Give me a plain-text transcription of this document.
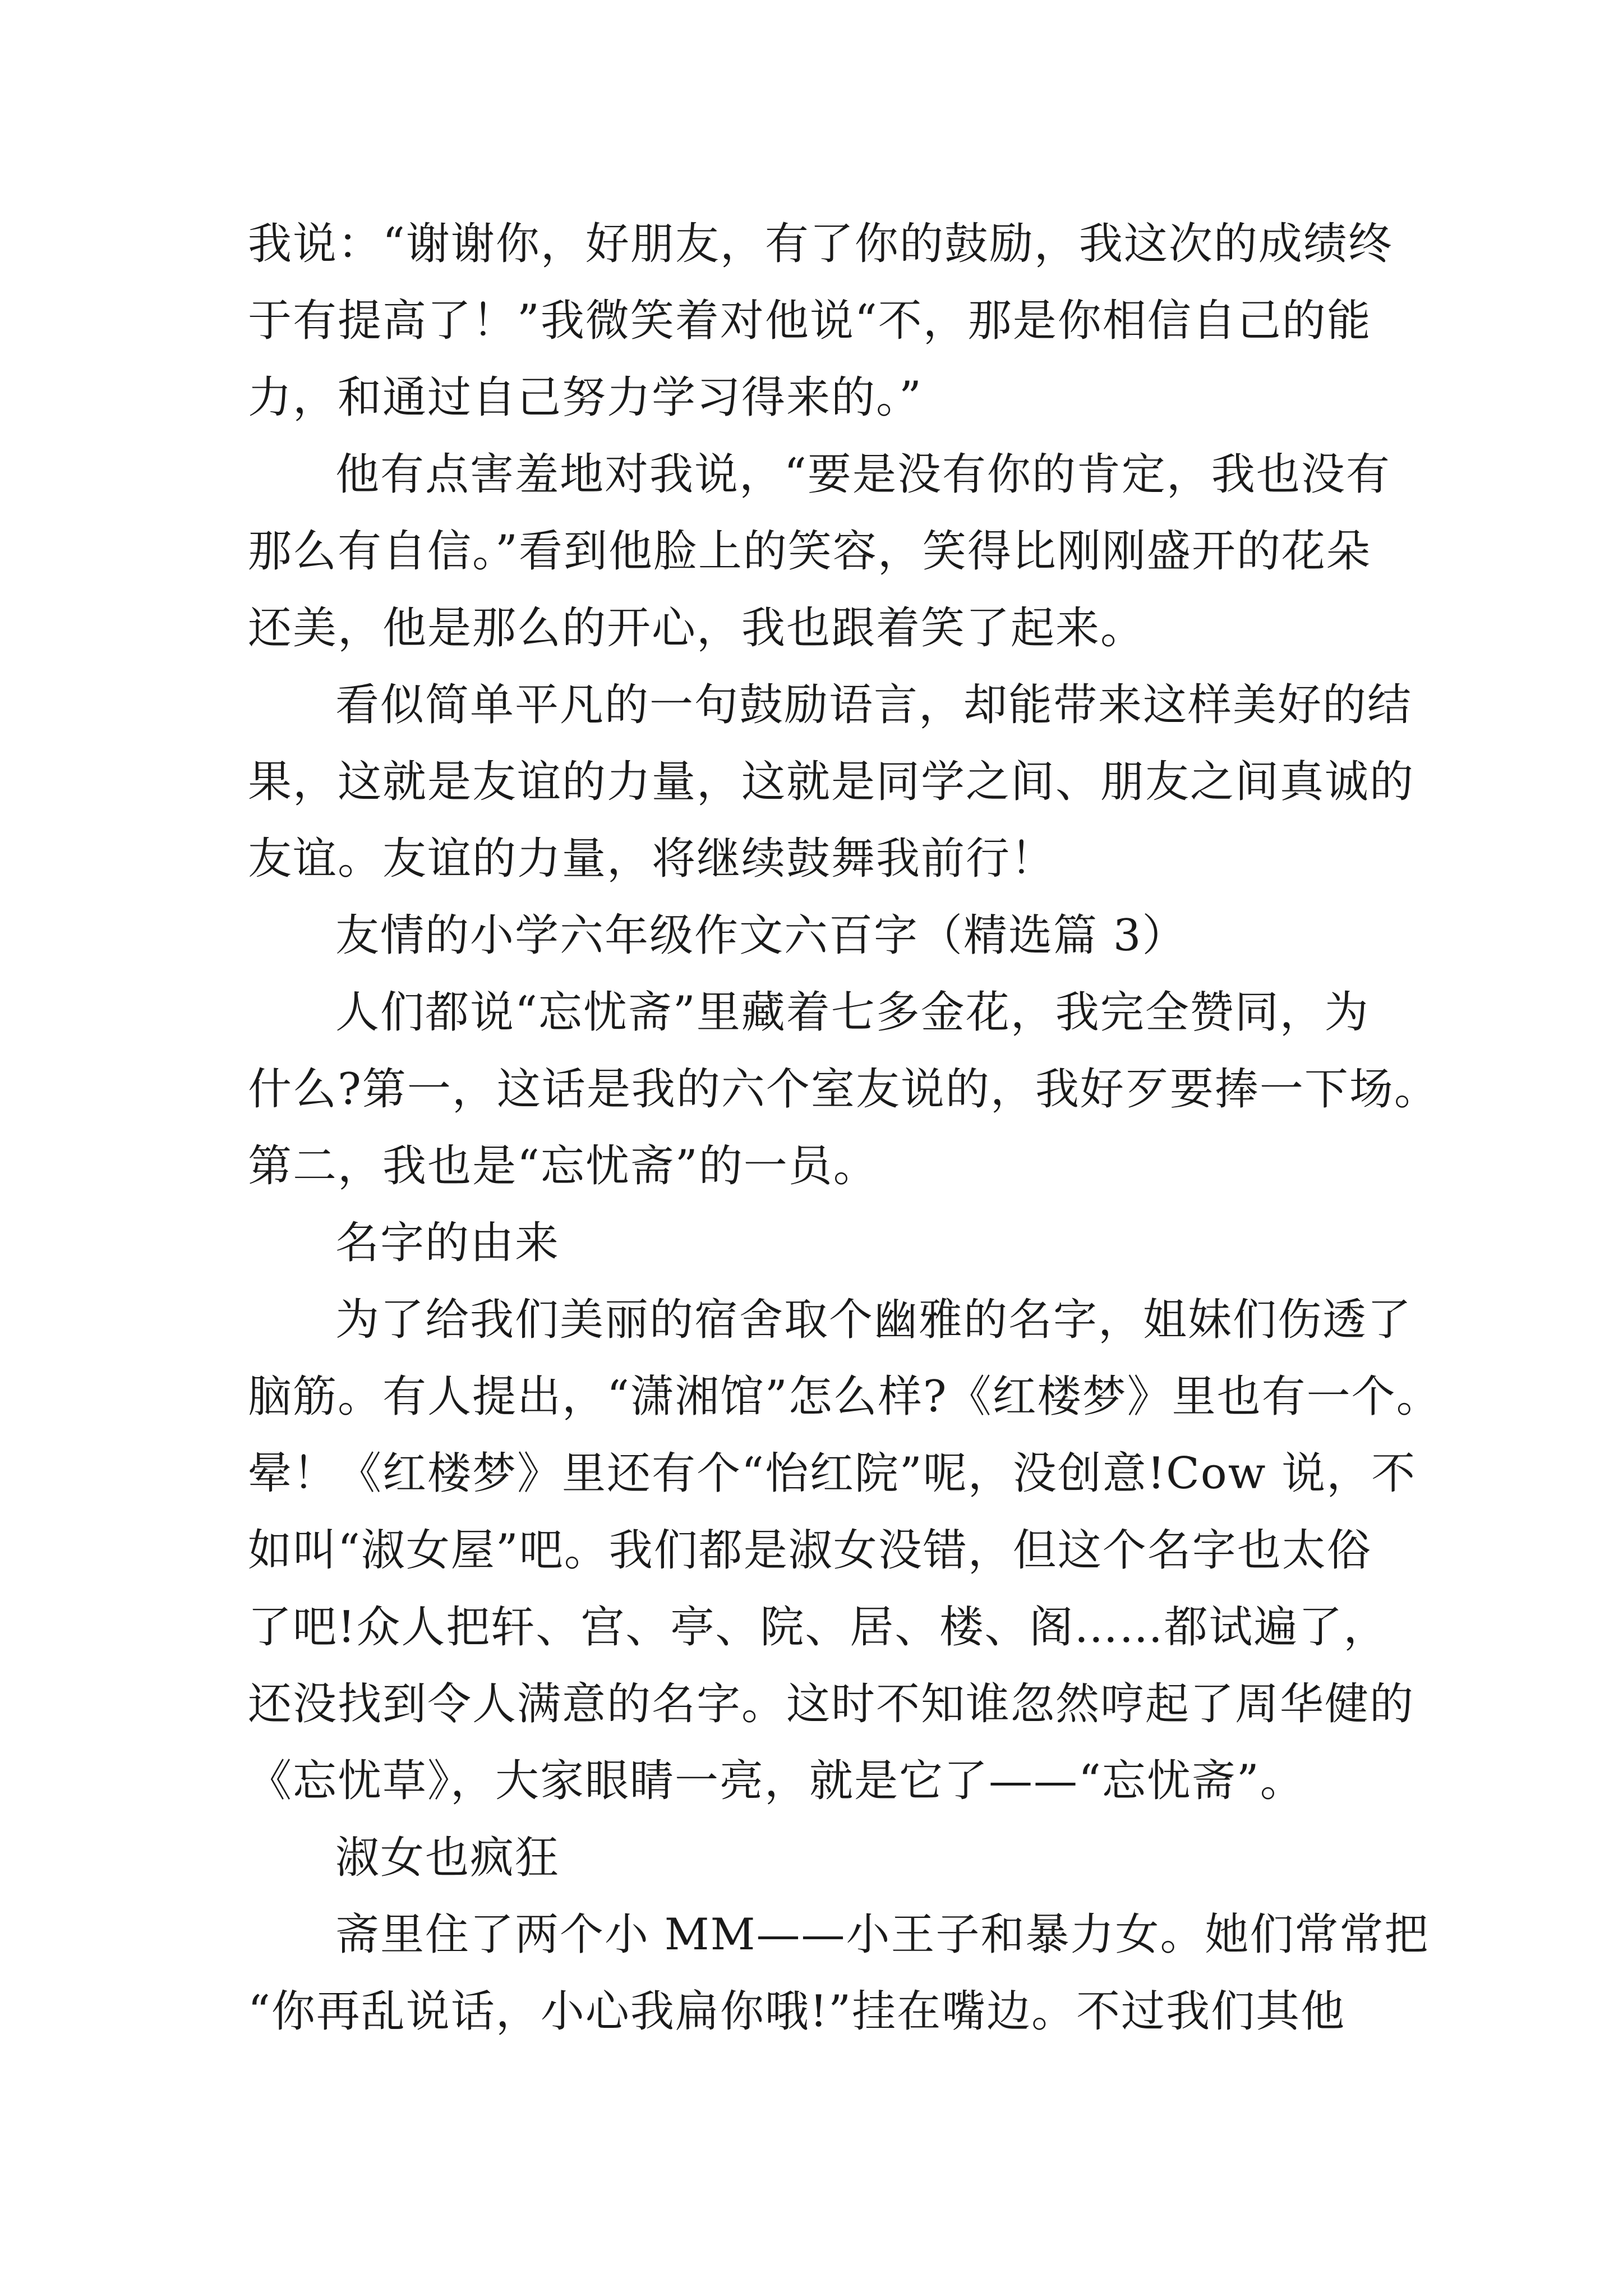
我说：“谢谢你，好朋友，有了你的鼓励，我这次的成绩终
于有提高了！”我微笑着对他说“不，那是你相信自己的能
力，和通过自己努力学习得来的。”
他有点害羞地对我说，“要是没有你的肯定，我也没有
那么有自信。”看到他脸上的笑容，笑得比刚刚盛开的花朵
还美，他是那么的开心，我也跟着笑了起来。
看似简单平凡的一句鼓励语言，却能带来这样美好的结
果，这就是友谊的力量，这就是同学之间、朋友之间真诚的
友谊。友谊的力量，将继续鼓舞我前行！
友情的小学六年级作文六百字（精选篇 3）
人们都说“忘忧斋”里藏着七多金花，我完全赞同，为
什么?第一，这话是我的六个室友说的，我好歹要捧一下场。
第二，我也是“忘忧斋”的一员。
名字的由来
为了给我们美丽的宿舍取个幽雅的名字，姐妹们伤透了
脑筋。有人提出，“潇湘馆”怎么样?《红楼梦》里也有一个。
晕！《红楼梦》里还有个“怡红院”呢，没创意!Cow 说，不
如叫“淑女屋”吧。我们都是淑女没错，但这个名字也太俗
了吧!众人把轩、宫、亭、院、居、楼、阁……都试遍了，
还没找到令人满意的名字。这时不知谁忽然哼起了周华健的
《忘忧草》，大家眼睛一亮，就是它了——“忘忧斋”。
淑女也疯狂
斋里住了两个小 MM——小王子和暴力女。她们常常把
“你再乱说话，小心我扁你哦!”挂在嘴边。不过我们其他
